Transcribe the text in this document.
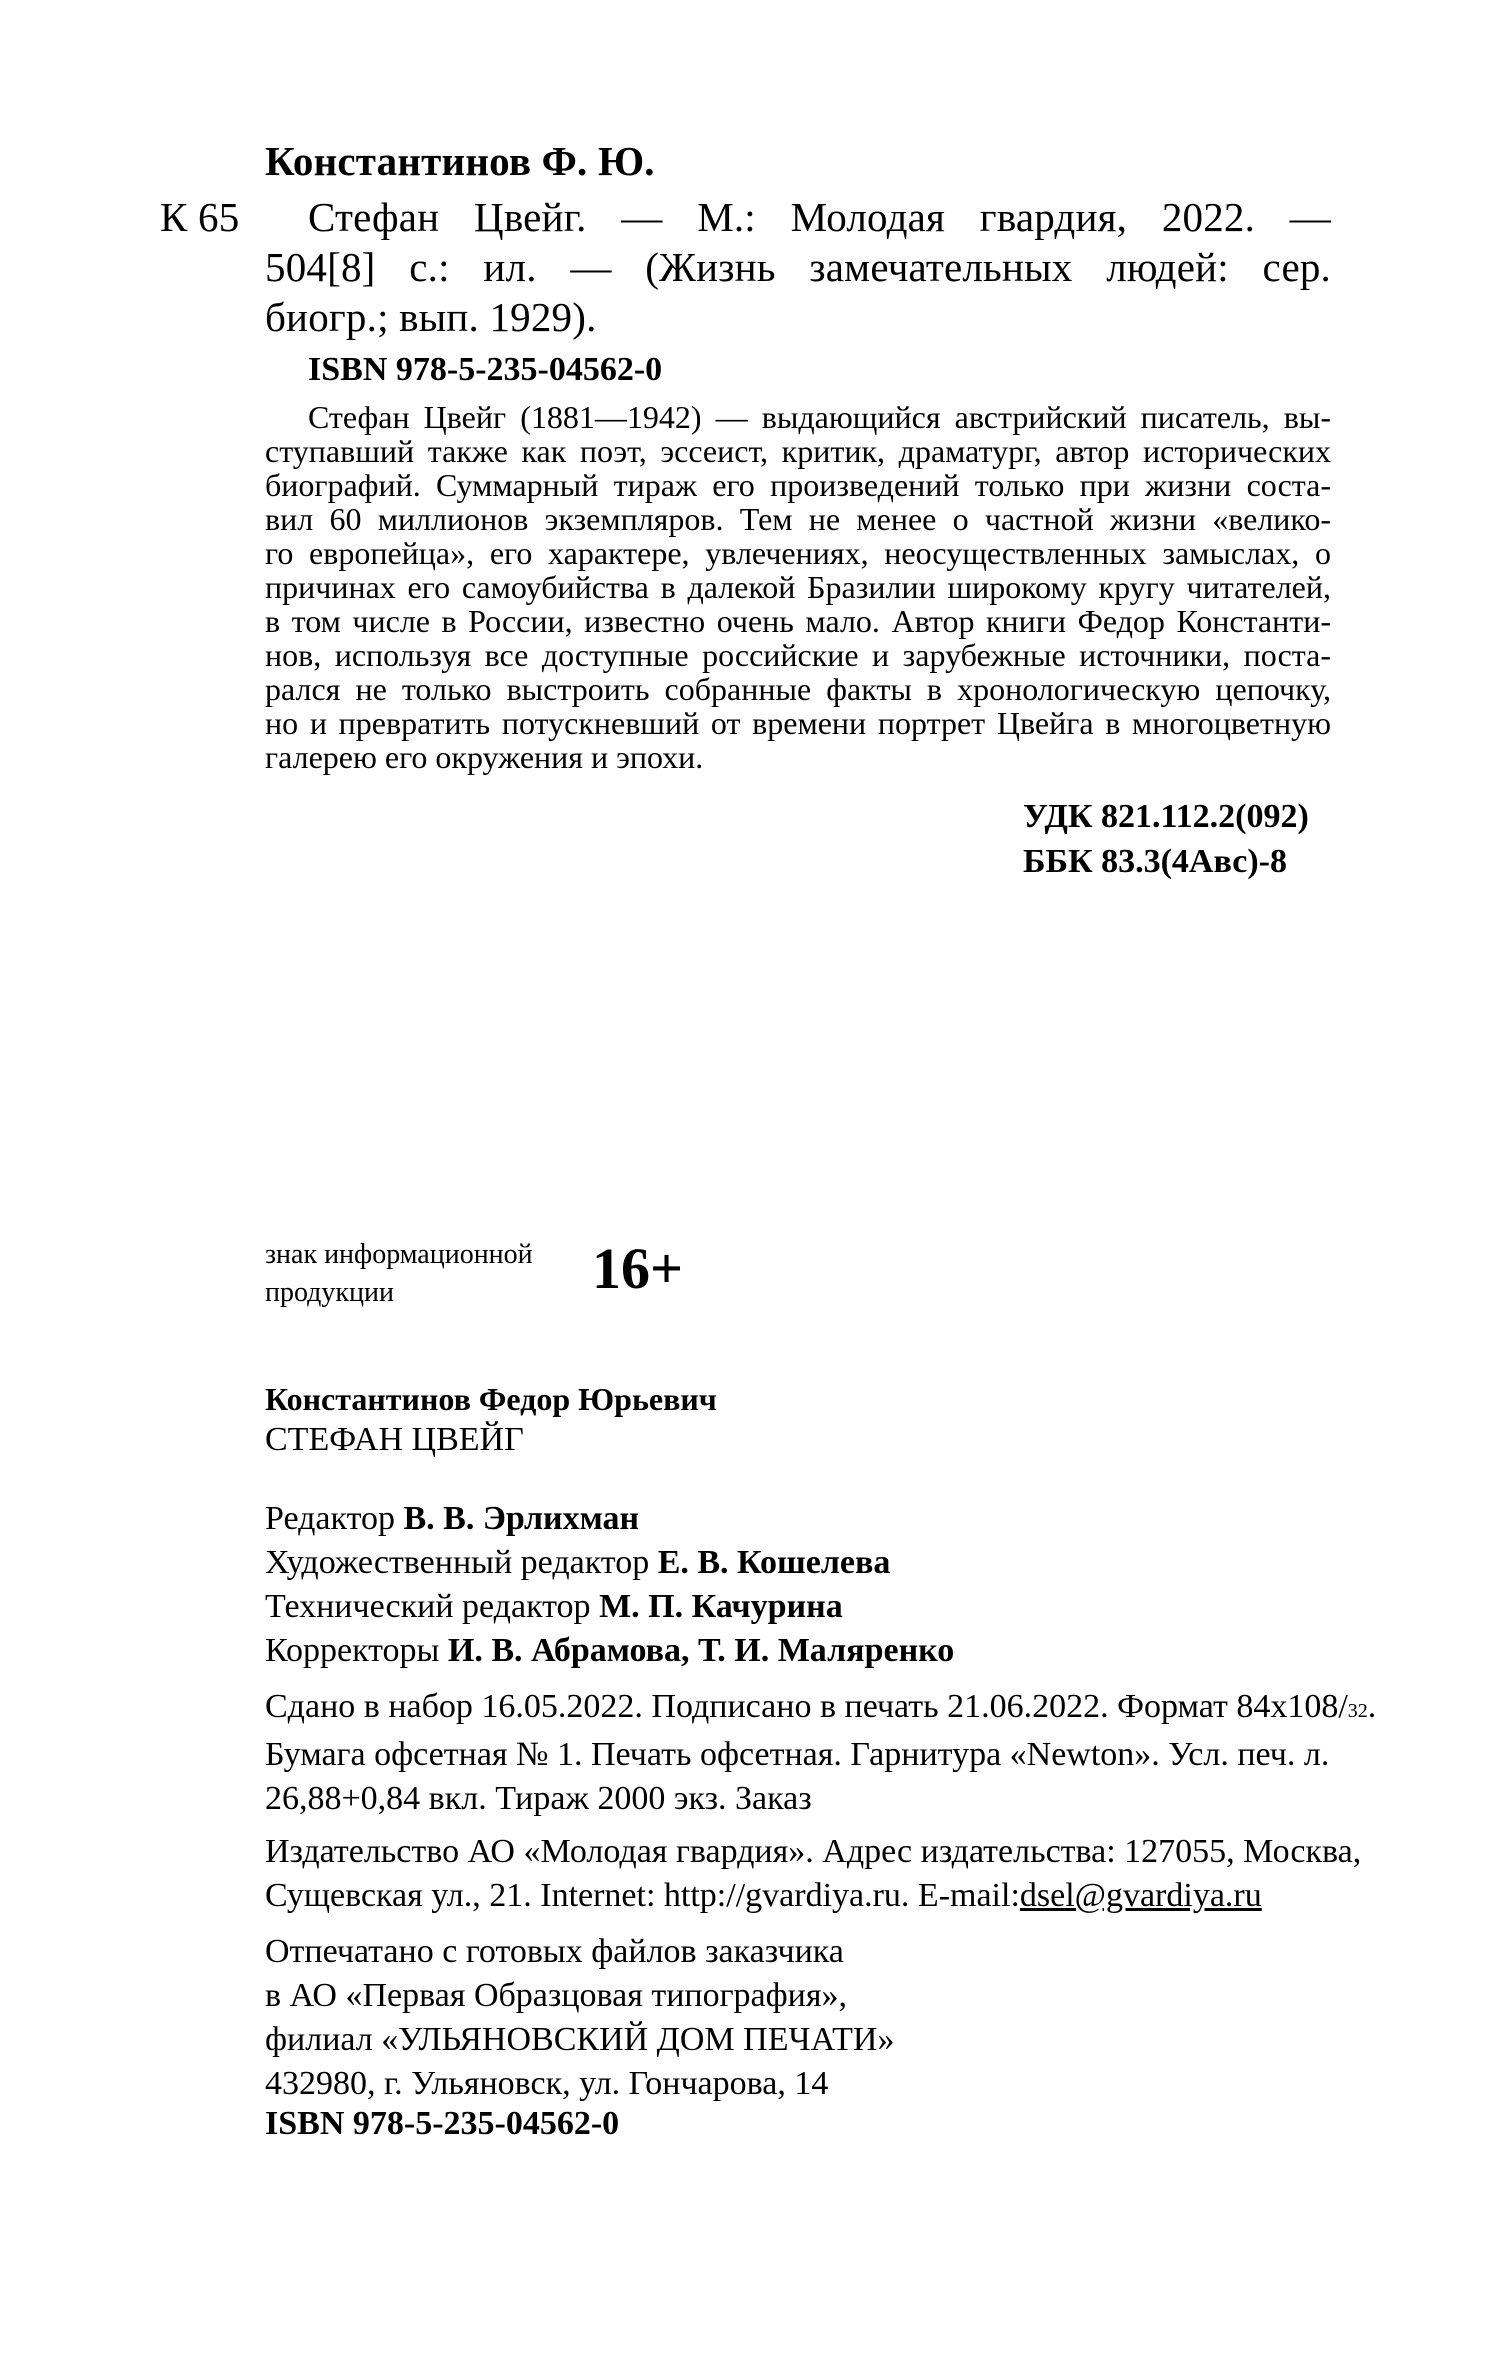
Константинов Ф. Ю.
К 65 Стефан Цвейг. — М.: Молодая гвардия, 2022. —
504[8] с.: ил. — (Жизнь замечательных людей: сер.
биогр.; вып. 1929).
ISBN 978-5-235-04562-0
Стефан Цвейг (1881—1942) — выдающийся австрийский писатель, вы-
ступавший также как поэт, эссеист, критик, драматург, автор исторических
биографий. Суммарный тираж его произведений только при жизни соста-
вил 60 миллионов экземпляров. Тем не менее о частной жизни «велико-
го европейца», его характере, увлечениях, неосуществленных замыслах, о
причинах его самоубийства в далекой Бразилии широкому кругу читателей,
в том числе в России, известно очень мало. Автор книги Федор Константи-
нов, используя все доступные российские и зарубежные источники, поста-
рался не только выстроить собранные факты в хронологическую цепочку,
но и превратить потускневший от времени портрет Цвейга в многоцветную
галерею его окружения и эпохи.
УДК 821.112.2(092)
ББК 83.3(4Авс)-8
знак информационной
продукции	16+
Константинов Федор Юрьевич
СТЕФАН ЦВЕЙГ
Редактор В. В. Эрлихман
Художественный редактор Е. В. Кошелева
Технический редактор М. П. Качурина
Корректоры И. В. Абрамова, Т. И. Маляренко
Сдано в набор 16.05.2022. Подписано в печать 21.06.2022. Формат 84x108/32.
Бумага офсетная № 1. Печать офсетная. Гарнитура «Newton». Усл. печ. л.
26,88+0,84 вкл. Тираж 2000 экз. Заказ
Издательство АО «Молодая гвардия». Адрес издательства: 127055, Москва,
Сущевская ул., 21. Internet: http://gvardiya.ru. E-mail:dsel@gvardiya.ru
Отпечатано с готовых файлов заказчика
в АО «Первая Образцовая типография»,
филиал «УЛЬЯНОВСКИЙ ДОМ ПЕЧАТИ»
432980, г. Ульяновск, ул. Гончарова, 14
ISBN 978-5-235-04562-0
